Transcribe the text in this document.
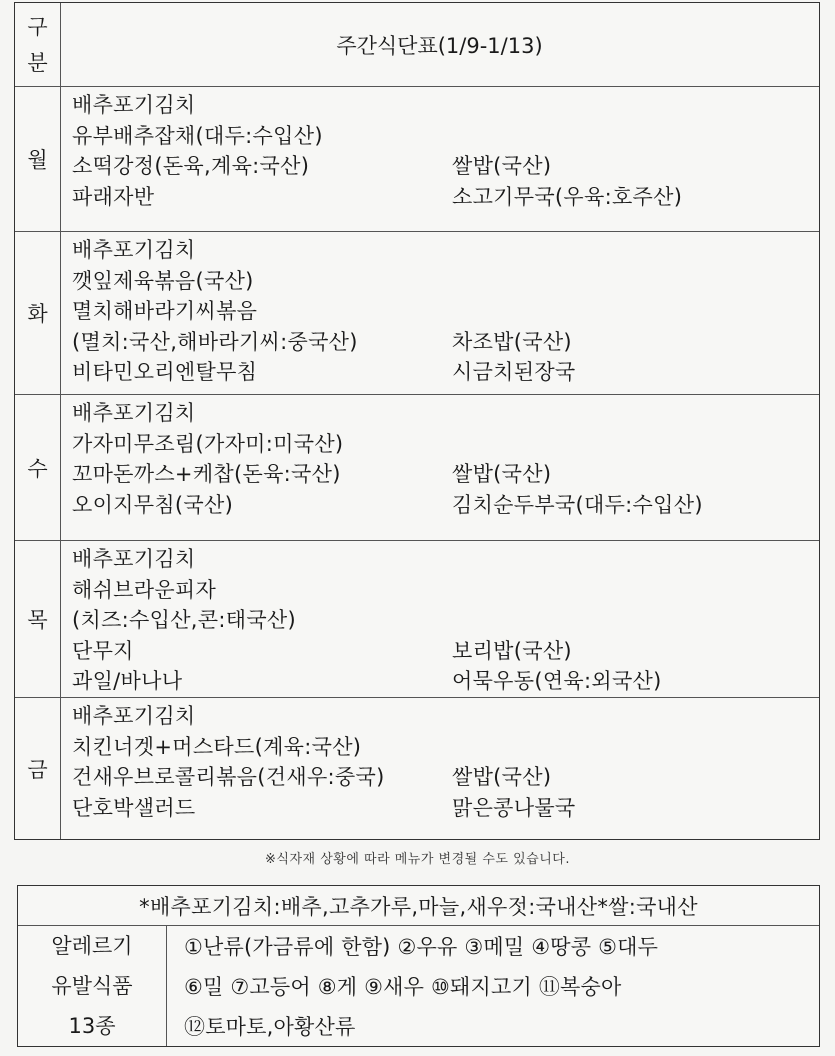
구
분
주간식단표(1/9-1/13)
월
배추포기김치
유부배추잡채(대두:수입산)
소떡강정(돈육,계육:국산)	쌀밥(국산)
파래자반	소고기무국(우육:호주산)
화
배추포기김치
깻잎제육볶음(국산)
멸치해바라기씨볶음
(멸치:국산,해바라기씨:중국산)	차조밥(국산)
비타민오리엔탈무침	시금치된장국
수
배추포기김치
가자미무조림(가자미:미국산)
꼬마돈까스+케찹(돈육:국산)	쌀밥(국산)
오이지무침(국산)	김치순두부국(대두:수입산)
목
배추포기김치
해쉬브라운피자
(치즈:수입산,콘:태국산)
단무지	보리밥(국산)
과일/바나나	어묵우동(연육:외국산)
금
배추포기김치
치킨너겟+머스타드(계육:국산)
건새우브로콜리볶음(건새우:중국)	쌀밥(국산)
단호박샐러드	맑은콩나물국
※식자재 상황에 따라 메뉴가 변경될 수도 있습니다.
*배추포기김치:배추,고추가루,마늘,새우젓:국내산*쌀:국내산
알레르기
유발식품
13종
①난류(가금류에 한함) ②우유 ③메밀 ④땅콩 ⑤대두
⑥밀 ⑦고등어 ⑧게 ⑨새우 ⑩돼지고기 ⑪복숭아
⑫토마토,아황산류
